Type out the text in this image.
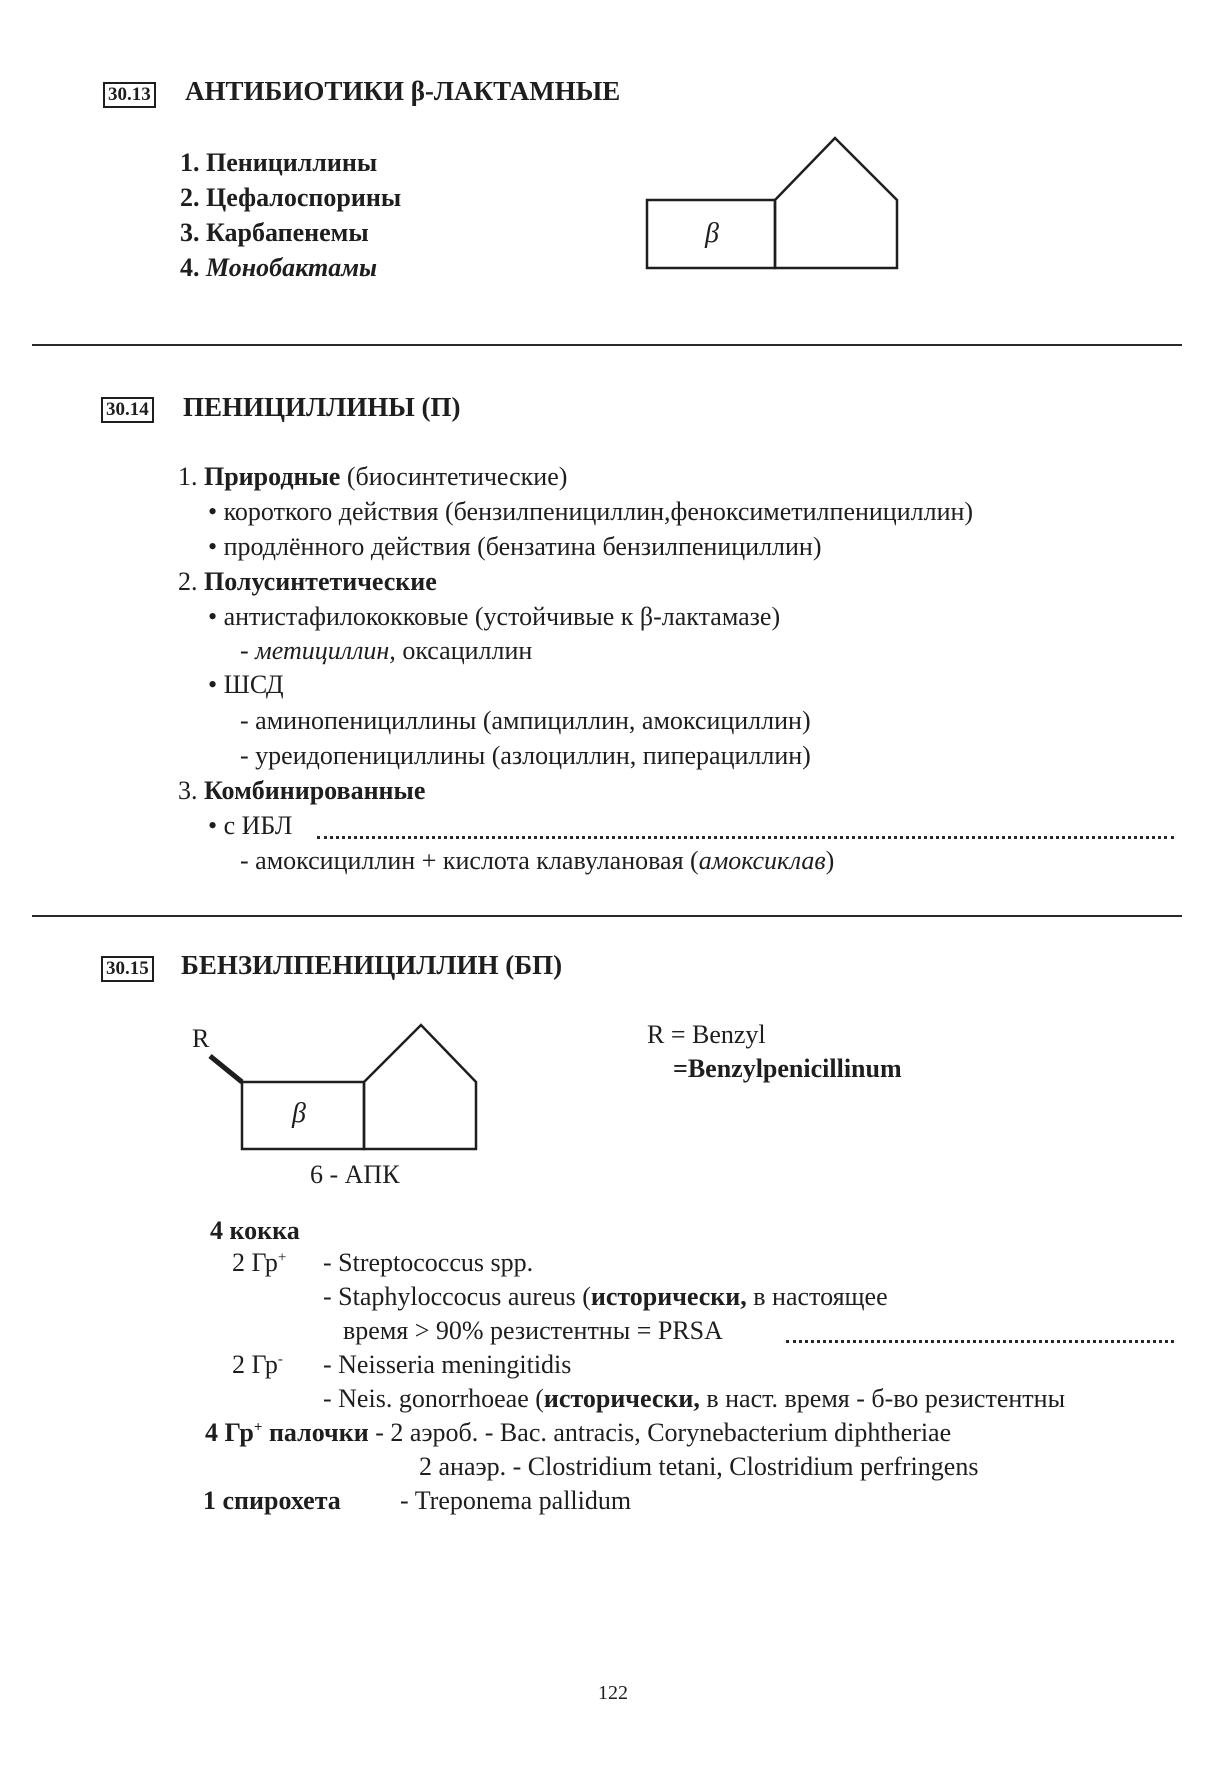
30.13 АНТИБИОТИКИ β-ЛАКТАМНЫЕ
1. Пенициллины
2. Цефалоспорины
3. Карбапенемы
4. Монобактамы
β
30.14 ПЕНИЦИЛЛИНЫ (П)
1. Природные (биосинтетические)
• короткого действия (бензилпенициллин,феноксиметилпенициллин)
• продлённого действия (бензатина бензилпенициллин)
2. Полусинтетические
• антистафилококковые (устойчивые к β-лактамазе)
- метициллин, оксациллин
• ШСД
- аминопенициллины (ампициллин, амоксициллин)
- уреидопенициллины (азлоциллин, пиперациллин)
3. Комбинированные
• с ИБЛ
- амоксициллин + кислота клавулановая (амоксиклав)
30.15 БЕНЗИЛПЕНИЦИЛЛИН (БП)
R
β
6 - АПК
R = Benzyl
=Benzylpenicillinum
4 кокка
2 Гр+ - Streptococcus spp.
- Staphyloccocus aureus (исторически, в настоящее
время > 90% резистентны = PRSA
2 Гр- - Neisseria meningitidis
- Neis. gonorrhoeae (исторически, в наст. время - б-во резистентны
4 Гр+ палочки - 2 аэроб. - Bac. antracis, Corynebacterium diphtheriae
2 анаэр. - Clostridium tetani, Clostridium perfringens
1 спирохета - Treponema pallidum
122
